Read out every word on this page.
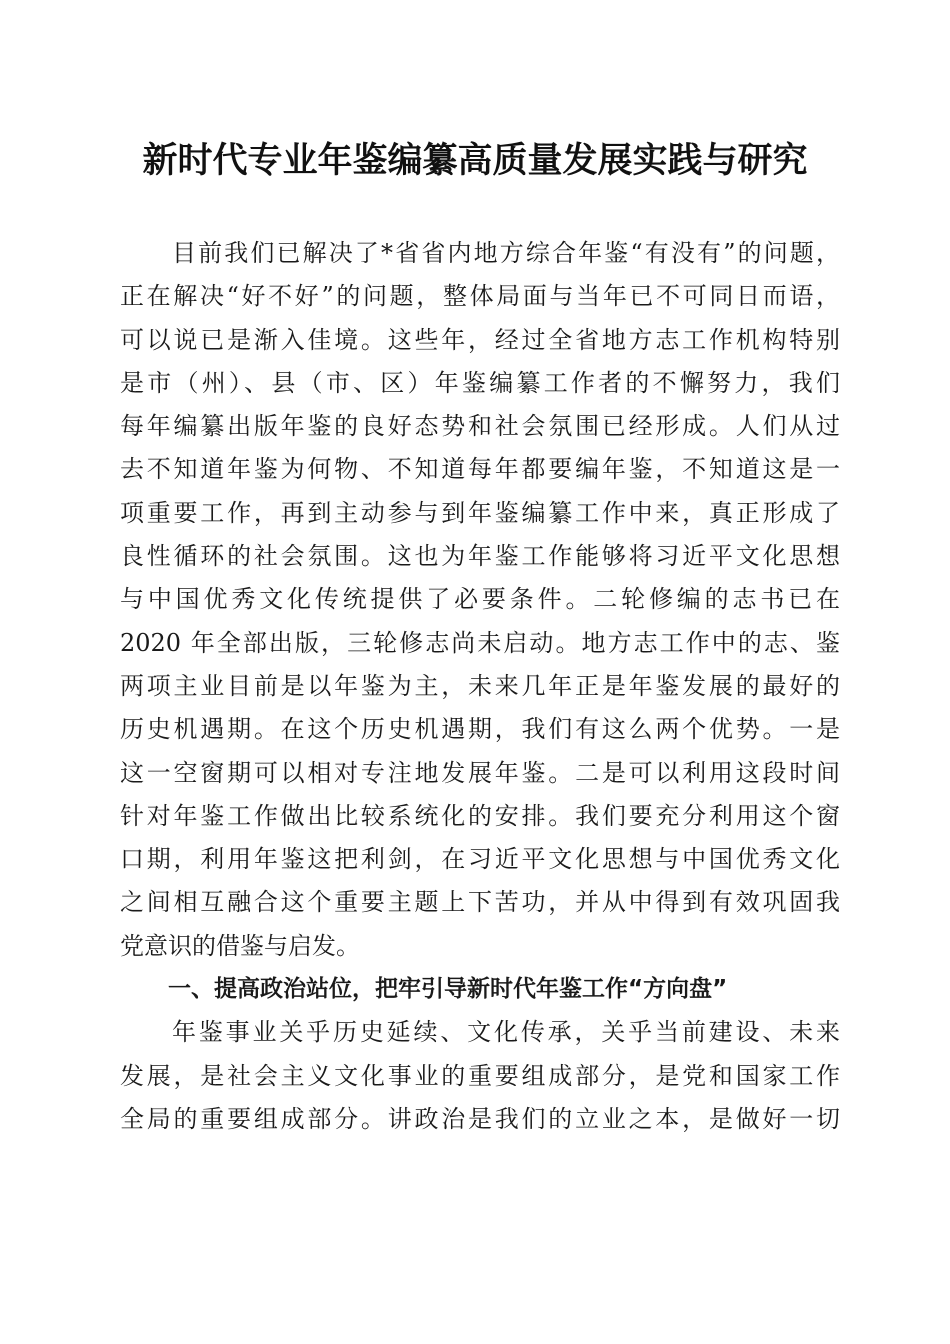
新时代专业年鉴编纂高质量发展实践与研究
目前我们已解决了*省省内地方综合年鉴“有没有”的问题，
正在解决“好不好”的问题，整体局面与当年已不可同日而语，
可以说已是渐入佳境。这些年，经过全省地方志工作机构特别
是市（州）、县（市、区）年鉴编纂工作者的不懈努力，我们
每年编纂出版年鉴的良好态势和社会氛围已经形成。人们从过
去不知道年鉴为何物、不知道每年都要编年鉴，不知道这是一
项重要工作，再到主动参与到年鉴编纂工作中来，真正形成了
良性循环的社会氛围。这也为年鉴工作能够将习近平文化思想
与中国优秀文化传统提供了必要条件。二轮修编的志书已在
2020 年全部出版，三轮修志尚未启动。地方志工作中的志、鉴
两项主业目前是以年鉴为主，未来几年正是年鉴发展的最好的
历史机遇期。在这个历史机遇期，我们有这么两个优势。一是
这一空窗期可以相对专注地发展年鉴。二是可以利用这段时间
针对年鉴工作做出比较系统化的安排。我们要充分利用这个窗
口期，利用年鉴这把利剑，在习近平文化思想与中国优秀文化
之间相互融合这个重要主题上下苦功，并从中得到有效巩固我
党意识的借鉴与启发。
一、提高政治站位，把牢引导新时代年鉴工作“方向盘”
年鉴事业关乎历史延续、文化传承，关乎当前建设、未来
发展，是社会主义文化事业的重要组成部分，是党和国家工作
全局的重要组成部分。讲政治是我们的立业之本，是做好一切
